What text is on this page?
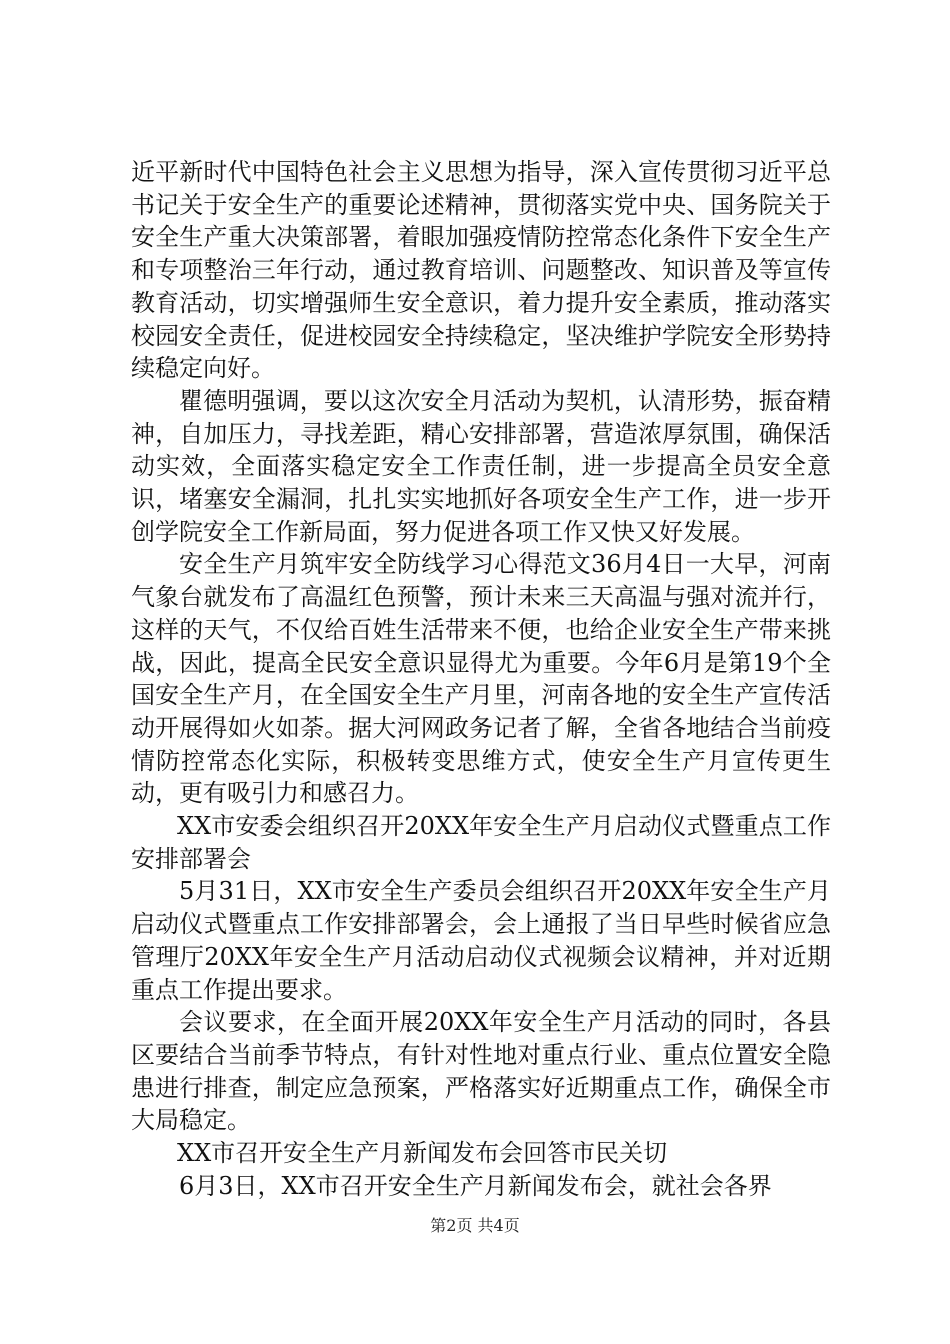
近平新时代中国特色社会主义思想为指导，深入宣传贯彻习近平总书记关于安全生产的重要论述精神，贯彻落实党中央、国务院关于安全生产重大决策部署，着眼加强疫情防控常态化条件下安全生产和专项整治三年行动，通过教育培训、问题整改、知识普及等宣传教育活动，切实增强师生安全意识，着力提升安全素质，推动落实校园安全责任，促进校园安全持续稳定，坚决维护学院安全形势持续稳定向好。

瞿德明强调，要以这次安全月活动为契机，认清形势，振奋精神，自加压力，寻找差距，精心安排部署，营造浓厚氛围，确保活动实效，全面落实稳定安全工作责任制，进一步提高全员安全意识，堵塞安全漏洞，扎扎实实地抓好各项安全生产工作，进一步开创学院安全工作新局面，努力促进各项工作又快又好发展。

安全生产月筑牢安全防线学习心得范文36月4日一大早，河南气象台就发布了高温红色预警，预计未来三天高温与强对流并行，这样的天气，不仅给百姓生活带来不便，也给企业安全生产带来挑战，因此，提高全民安全意识显得尤为重要。今年6月是第19个全国安全生产月，在全国安全生产月里，河南各地的安全生产宣传活动开展得如火如荼。据大河网政务记者了解，全省各地结合当前疫情防控常态化实际，积极转变思维方式，使安全生产月宣传更生动，更有吸引力和感召力。

XX市安委会组织召开20XX年安全生产月启动仪式暨重点工作安排部署会

5月31日，XX市安全生产委员会组织召开20XX年安全生产月启动仪式暨重点工作安排部署会，会上通报了当日早些时候省应急管理厅20XX年安全生产月活动启动仪式视频会议精神，并对近期重点工作提出要求。

会议要求，在全面开展20XX年安全生产月活动的同时，各县区要结合当前季节特点，有针对性地对重点行业、重点位置安全隐患进行排查，制定应急预案，严格落实好近期重点工作，确保全市大局稳定。

XX市召开安全生产月新闻发布会回答市民关切

6月3日，XX市召开安全生产月新闻发布会，就社会各界

第2页 共4页
